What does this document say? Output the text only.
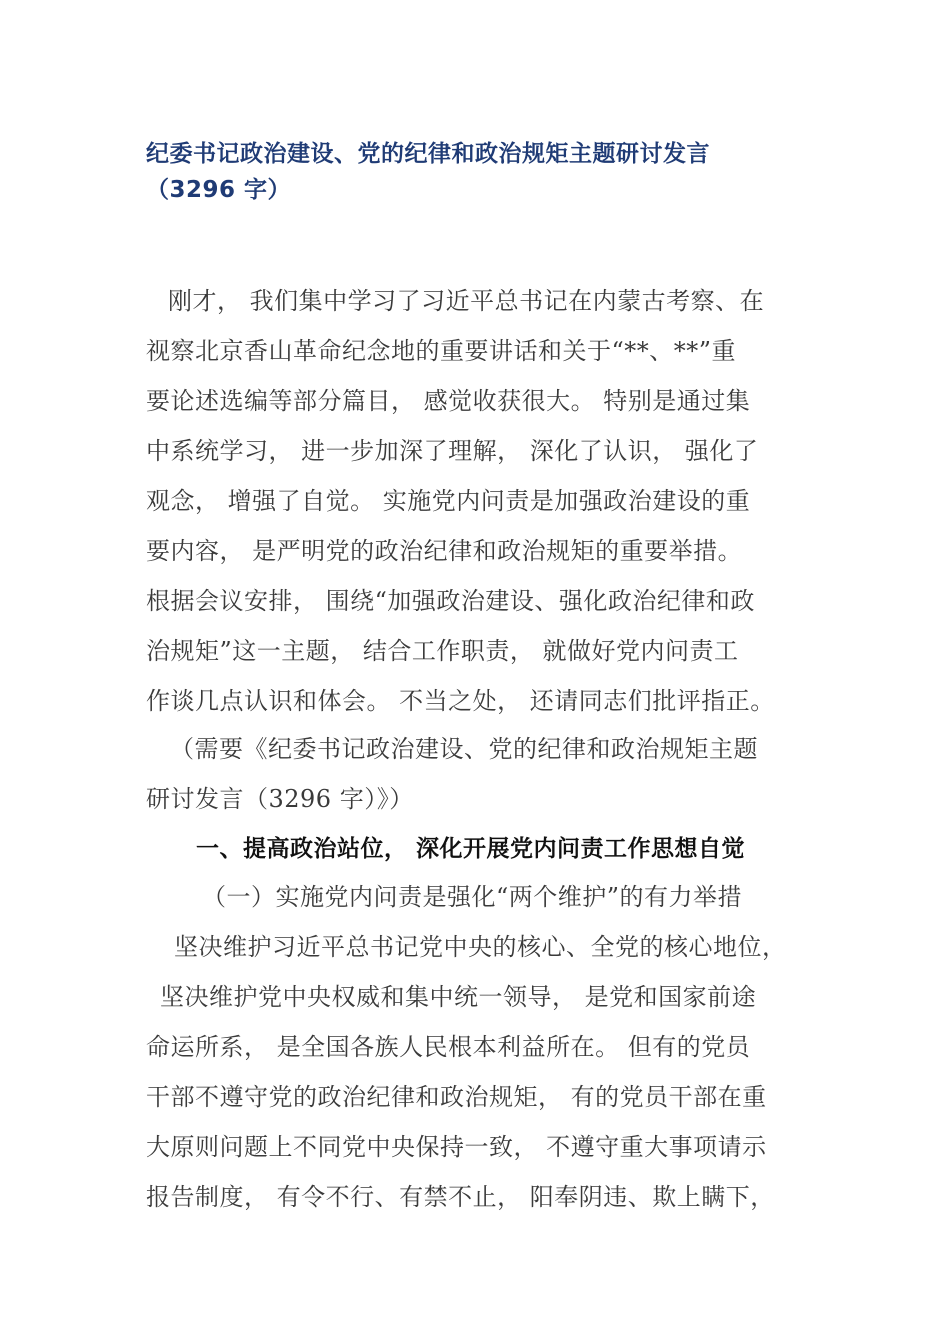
纪委书记政治建设、党的纪律和政治规矩主题研讨发言
（3296 字）
刚才， 我们集中学习了习近平总书记在内蒙古考察、在
视察北京香山革命纪念地的重要讲话和关于“**、**”重
要论述选编等部分篇目， 感觉收获很大。 特别是通过集
中系统学习， 进一步加深了理解， 深化了认识， 强化了
观念， 增强了自觉。 实施党内问责是加强政治建设的重
要内容， 是严明党的政治纪律和政治规矩的重要举措。
根据会议安排， 围绕“加强政治建设、强化政治纪律和政
治规矩”这一主题， 结合工作职责， 就做好党内问责工
作谈几点认识和体会。 不当之处， 还请同志们批评指正。
（需要《纪委书记政治建设、党的纪律和政治规矩主题
研讨发言（3296 字）》）
一、提高政治站位， 深化开展党内问责工作思想自觉
（一）实施党内问责是强化“两个维护”的有力举措
坚决维护习近平总书记党中央的核心、全党的核心地位，
坚决维护党中央权威和集中统一领导， 是党和国家前途
命运所系， 是全国各族人民根本利益所在。 但有的党员
干部不遵守党的政治纪律和政治规矩， 有的党员干部在重
大原则问题上不同党中央保持一致， 不遵守重大事项请示
报告制度， 有令不行、有禁不止， 阳奉阴违、欺上瞒下，
